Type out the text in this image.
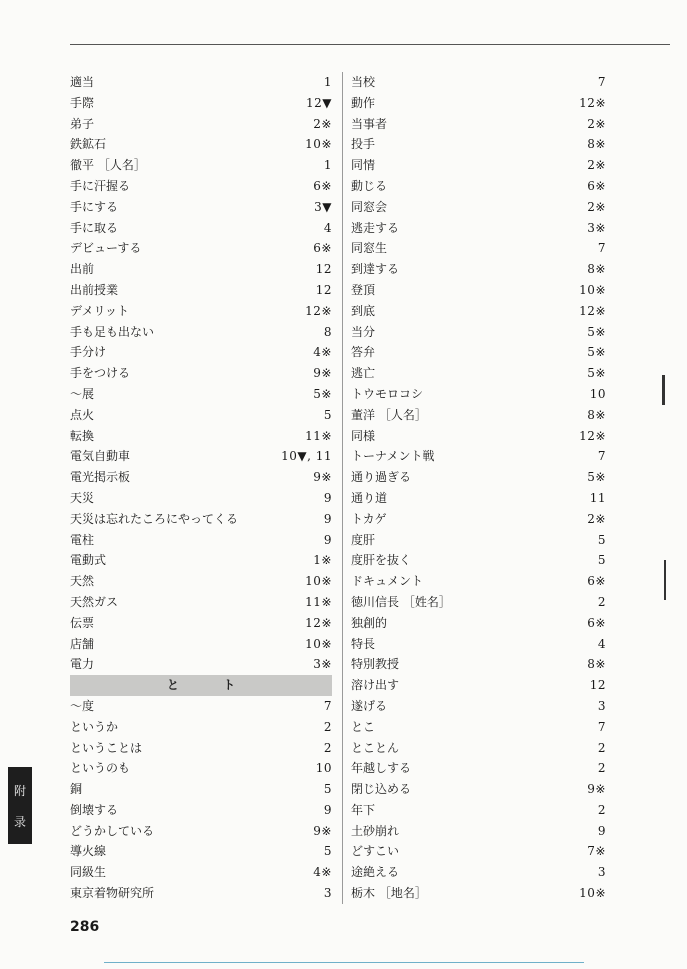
適当	1
手際	12▼
弟子	2※
鉄鉱石	10※
徹平 ［人名］	1
手に汗握る	6※
手にする	3▼
手に取る	4
デビューする	6※
出前	12
出前授業	12
デメリット	12※
手も足も出ない	8
手分け	4※
手をつける	9※
～展	5※
点火	5
転換	11※
電気自動車	10▼, 11
電光掲示板	9※
天災	9
天災は忘れたころにやってくる	9
電柱	9
電動式	1※
天然	10※
天然ガス	11※
伝票	12※
店舗	10※
電力	3※
と ト
～度	7
というか	2
ということは	2
というのも	10
銅	5
倒壊する	9
どうかしている	9※
導火線	5
同級生	4※
東京着物研究所	3
当校	7
動作	12※
当事者	2※
投手	8※
同情	2※
動じる	6※
同窓会	2※
逃走する	3※
同窓生	7
到達する	8※
登頂	10※
到底	12※
当分	5※
答弁	5※
逃亡	5※
トウモロコシ	10
董洋 ［人名］	8※
同様	12※
トーナメント戦	7
通り過ぎる	5※
通り道	11
トカゲ	2※
度肝	5
度肝を抜く	5
ドキュメント	6※
徳川信長 ［姓名］	2
独創的	6※
特長	4
特別教授	8※
溶け出す	12
遂げる	3
とこ	7
とことん	2
年越しする	2
閉じ込める	9※
年下	2
土砂崩れ	9
どすこい	7※
途絶える	3
栃木 ［地名］	10※
附
录
286
